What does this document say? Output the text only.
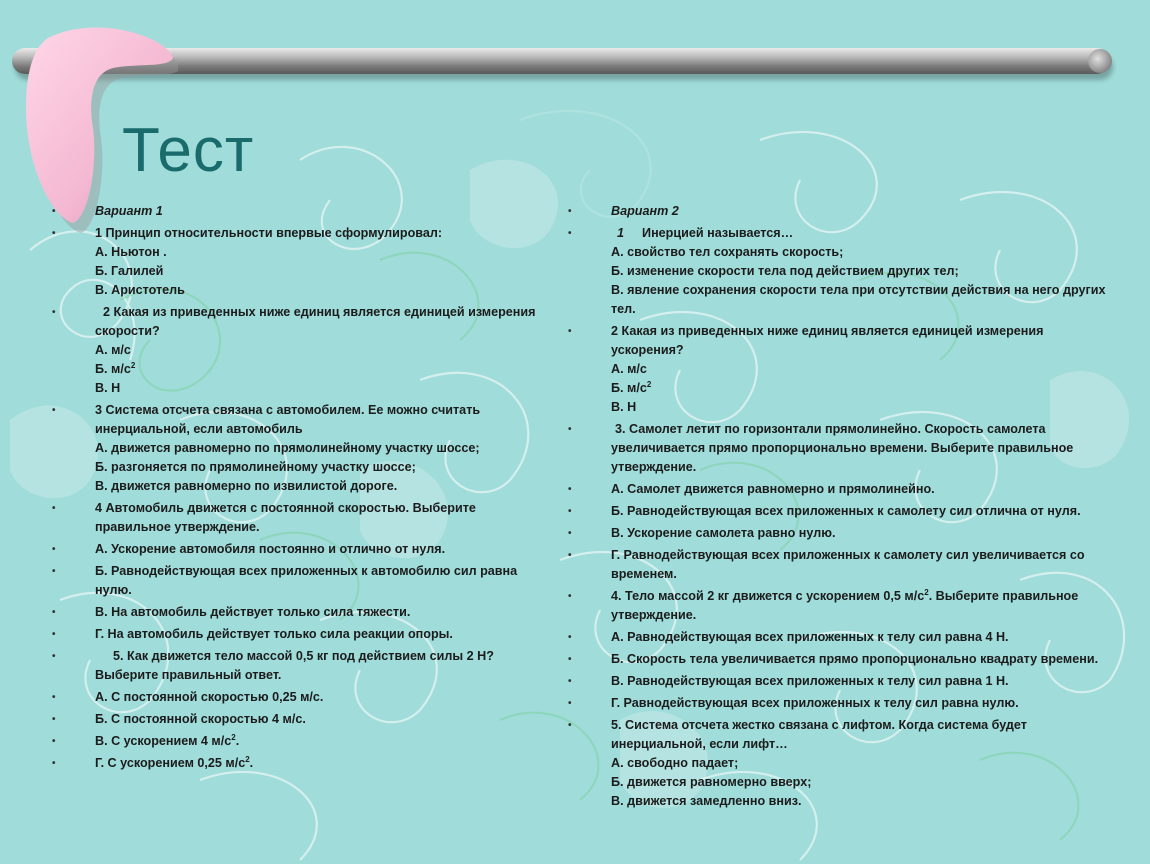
Тест
•	Вариант 1
•	1 Принцип относительности впервые сформулировал:
А. Ньютон .
Б. Галилей
В. Аристотель
•	2 Какая из приведенных ниже единиц является единицей измерения скорости?
А. м/с
Б. $м/с^2$
В. Н
•	3 Система отсчета связана с автомобилем. Ее можно считать инерциальной, если автомобиль
А. движется равномерно по прямолинейному участку шоссе;
Б. разгоняется по прямолинейному участку шоссе;
В. движется равномерно по извилистой дороге.
•	4 Автомобиль движется с постоянной скоростью. Выберите правильное утверждение.
•	А. Ускорение автомобиля постоянно и отлично от нуля.
•	Б. Равнодействующая всех приложенных к автомобилю сил равна нулю.
•	В. На автомобиль действует только сила тяжести.
•	Г. На автомобиль действует только сила реакции опоры.
•	5. Как движется тело массой 0,5 кг под действием силы 2 Н? Выберите правильный ответ.
•	А. С постоянной скоростью 0,25 м/с.
•	Б. С постоянной скоростью 4 м/с.
•	В. С ускорением 4 $м/с^2$.
•	Г. С ускорением 0,25 $м/с^2$.
•	Вариант 2
•	1 Инерцией называется…
А. свойство тел сохранять скорость;
Б. изменение скорости тела под действием других тел;
В. явление сохранения скорости тела при отсутствии действия на него других тел.
•	2 Какая из приведенных ниже единиц является единицей измерения ускорения?
А. м/с
Б. $м/с^2$
В. Н
•	3. Самолет летит по горизонтали прямолинейно. Скорость самолета увеличивается прямо пропорционально времени. Выберите правильное утверждение.
•	А. Самолет движется равномерно и прямолинейно.
•	Б. Равнодействующая всех приложенных к самолету сил отлична от нуля.
•	В. Ускорение самолета равно нулю.
•	Г. Равнодействующая всех приложенных к самолету сил увеличивается со временем.
•	4. Тело массой 2 кг движется с ускорением 0,5 $м/с^2$. Выберите правильное утверждение.
•	А. Равнодействующая всех приложенных к телу сил равна 4 Н.
•	Б. Скорость тела увеличивается прямо пропорционально квадрату времени.
•	В. Равнодействующая всех приложенных к телу сил равна 1 Н.
•	Г. Равнодействующая всех приложенных к телу сил равна нулю.
•	5. Система отсчета жестко связана с лифтом. Когда система будет инерциальной, если лифт…
А. свободно падает;
Б. движется равномерно вверх;
В. движется замедленно вниз.
